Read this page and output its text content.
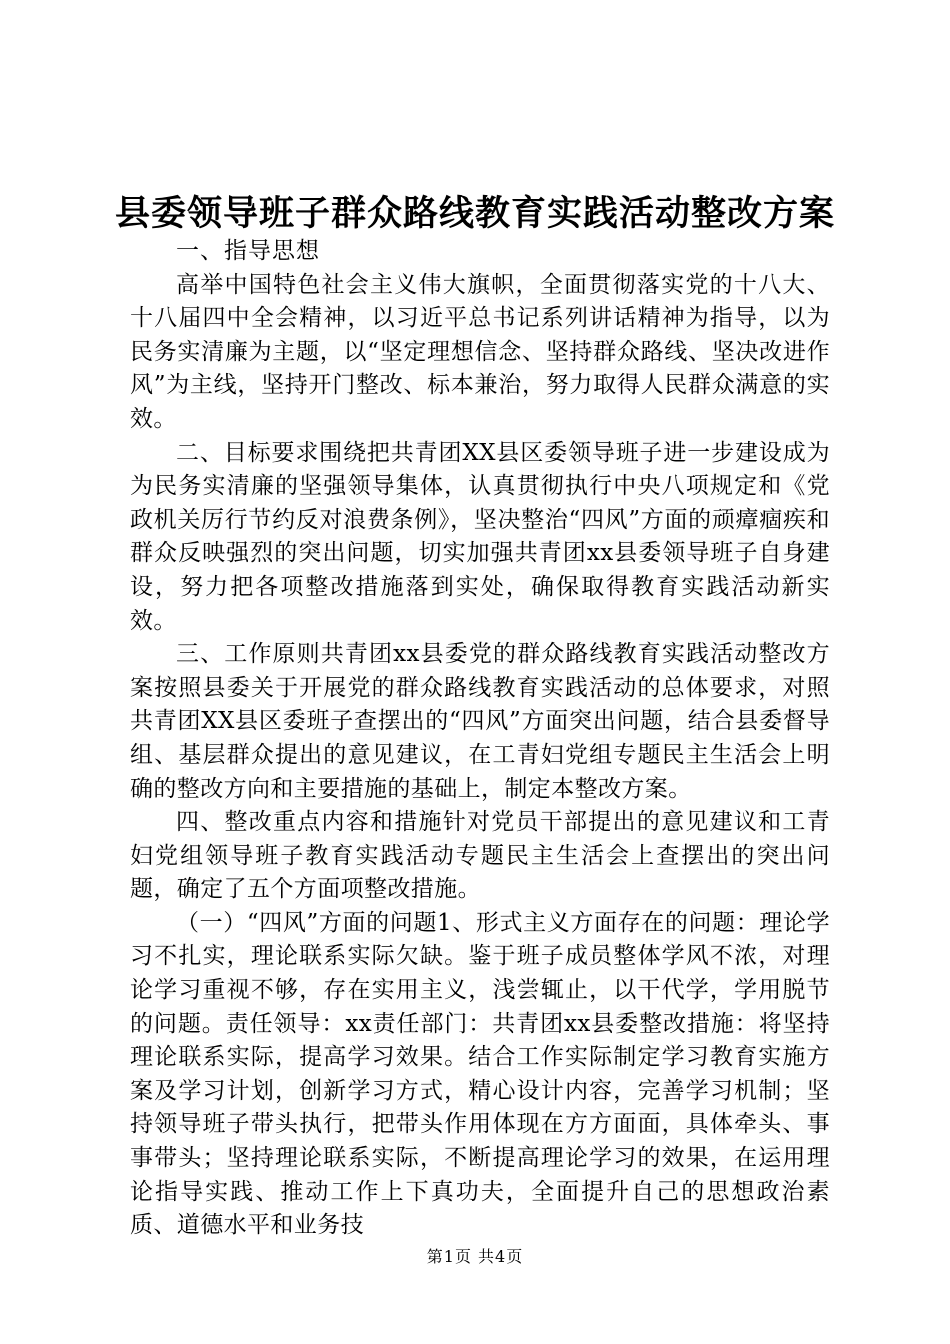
县委领导班子群众路线教育实践活动整改方案

一、指导思想

高举中国特色社会主义伟大旗帜，全面贯彻落实党的十八大、十八届四中全会精神，以习近平总书记系列讲话精神为指导，以为民务实清廉为主题，以“坚定理想信念、坚持群众路线、坚决改进作风”为主线，坚持开门整改、标本兼治，努力取得人民群众满意的实效。

二、目标要求围绕把共青团XX县区委领导班子进一步建设成为为民务实清廉的坚强领导集体，认真贯彻执行中央八项规定和《党政机关厉行节约反对浪费条例》，坚决整治“四风”方面的顽瘴痼疾和群众反映强烈的突出问题，切实加强共青团xx县委领导班子自身建设，努力把各项整改措施落到实处，确保取得教育实践活动新实效。

三、工作原则共青团xx县委党的群众路线教育实践活动整改方案按照县委关于开展党的群众路线教育实践活动的总体要求，对照共青团XX县区委班子查摆出的“四风”方面突出问题，结合县委督导组、基层群众提出的意见建议，在工青妇党组专题民主生活会上明确的整改方向和主要措施的基础上，制定本整改方案。

四、整改重点内容和措施针对党员干部提出的意见建议和工青妇党组领导班子教育实践活动专题民主生活会上查摆出的突出问题，确定了五个方面项整改措施。

（一）“四风”方面的问题1、形式主义方面存在的问题：理论学习不扎实，理论联系实际欠缺。鉴于班子成员整体学风不浓，对理论学习重视不够，存在实用主义，浅尝辄止，以干代学，学用脱节的问题。责任领导：xx责任部门：共青团xx县委整改措施：将坚持理论联系实际，提高学习效果。结合工作实际制定学习教育实施方案及学习计划，创新学习方式，精心设计内容，完善学习机制；坚持领导班子带头执行，把带头作用体现在方方面面，具体牵头、事事带头；坚持理论联系实际，不断提高理论学习的效果，在运用理论指导实践、推动工作上下真功夫，全面提升自己的思想政治素质、道德水平和业务技

第1页 共4页
